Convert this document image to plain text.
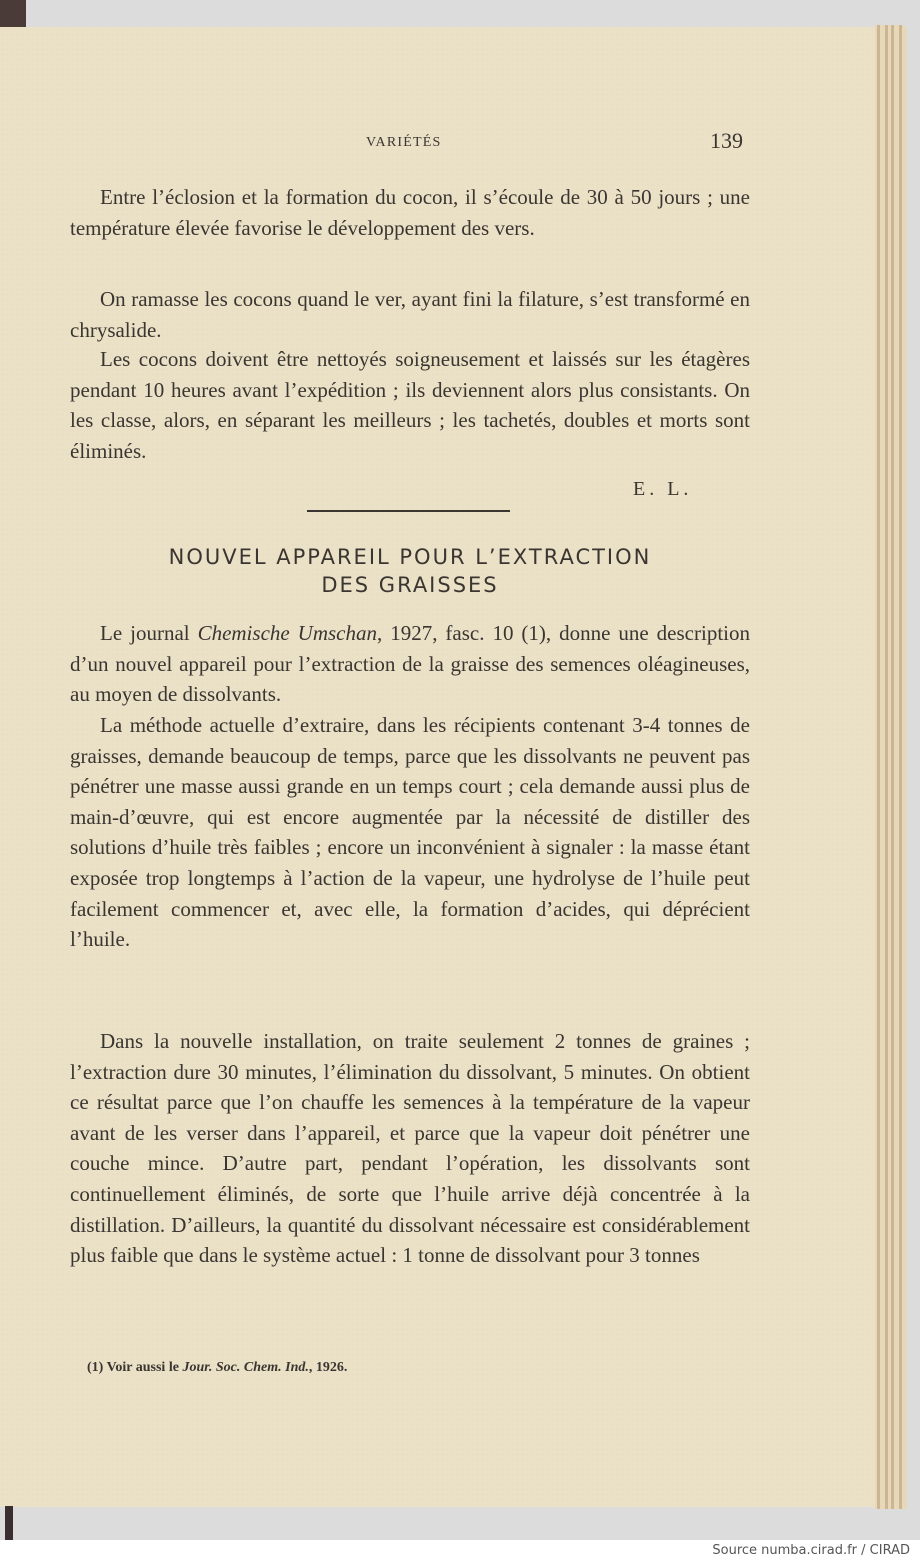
VARIÉTÉS	139
Entre l’éclosion et la formation du cocon, il s’écoule de 30 à 50 jours ; une température élevée favorise le développement des vers.
On ramasse les cocons quand le ver, ayant fini la filature, s’est transformé en chrysalide.
Les cocons doivent être nettoyés soigneusement et laissés sur les étagères pendant 10 heures avant l’expédition ; ils deviennent alors plus consistants. On les classe, alors, en séparant les meilleurs ; les tachetés, doubles et morts sont éliminés.
E. L.
NOUVEL APPAREIL POUR L’EXTRACTION
DES GRAISSES
Le journal Chemische Umschan, 1927, fasc. 10 (1), donne une description d’un nouvel appareil pour l’extraction de la graisse des semences oléagineuses, au moyen de dissolvants.
La méthode actuelle d’extraire, dans les récipients contenant 3-4 tonnes de graisses, demande beaucoup de temps, parce que les dissolvants ne peuvent pas pénétrer une masse aussi grande en un temps court ; cela demande aussi plus de main-d’œuvre, qui est encore augmentée par la nécessité de distiller des solutions d’huile très faibles ; encore un inconvénient à signaler : la masse étant exposée trop longtemps à l’action de la vapeur, une hydrolyse de l’huile peut facilement commencer et, avec elle, la formation d’acides, qui déprécient l’huile.
Dans la nouvelle installation, on traite seulement 2 tonnes de graines ; l’extraction dure 30 minutes, l’élimination du dissolvant, 5 minutes. On obtient ce résultat parce que l’on chauffe les semences à la température de la vapeur avant de les verser dans l’appareil, et parce que la vapeur doit pénétrer une couche mince. D’autre part, pendant l’opération, les dissolvants sont continuellement éliminés, de sorte que l’huile arrive déjà concentrée à la distillation. D’ailleurs, la quantité du dissolvant nécessaire est considérablement plus faible que dans le système actuel : 1 tonne de dissolvant pour 3 tonnes
(1) Voir aussi le Jour. Soc. Chem. Ind., 1926.
Source numba.cirad.fr / CIRAD
